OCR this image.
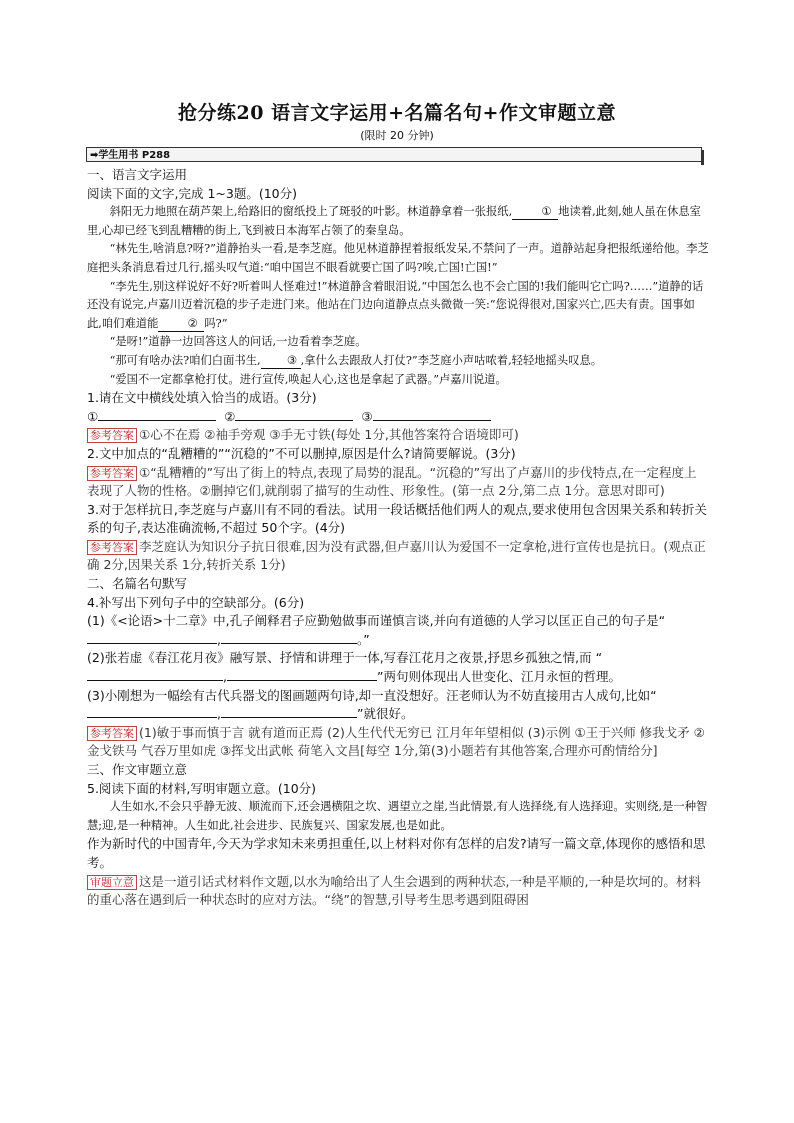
抢分练20 语言文字运用+名篇名句+作文审题立意
(限时 20 分钟)
➡学生用书 P288

一、语言文字运用

阅读下面的文字,完成 1~3题。(10分)

斜阳无力地照在葫芦架上,给路旧的窗纸投上了斑驳的叶影。林道静拿着一张报纸,	① 地读着,此刻,她人虽在休息室里,心却已经飞到乱糟糟的街上,飞到被日本海军占领了的秦皇岛。

“林先生,啥消息?呀?”道静抬头一看,是李芝庭。他见林道静捏着报纸发呆,不禁问了一声。道静站起身把报纸递给他。李芝庭把头条消息看过几行,摇头叹气道:“咱中国岂不眼看就要亡国了吗?唉,亡国!亡国!”

“李先生,别这样说好不好?听着叫人怪难过!”林道静含着眼泪说,“中国怎么也不会亡国的!我们能叫它亡吗?……”道静的话还没有说完,卢嘉川迈着沉稳的步子走进门来。他站在门边向道静点点头微微一笑:“您说得很对,国家兴亡,匹夫有责。国事如此,咱们难道能	② 吗?”

“是呀!”道静一边回答这人的问话,一边看着李芝庭。

“那可有啥办法?咱们白面书生, ③ ,拿什么去跟敌人打仗?”李芝庭小声咕哝着,轻轻地摇头叹息。

“爱国不一定都拿枪打仗。进行宣传,唤起人心,这也是拿起了武器。”卢嘉川说道。

1.请在文中横线处填入恰当的成语。(3分)

①	②	③

参考答案 ①心不在焉 ②袖手旁观 ③手无寸铁(每处 1分,其他答案符合语境即可)

2.文中加点的“乱糟糟的”“沉稳的”不可以删掉,原因是什么?请简要解说。(3分)

参考答案 ①“乱糟糟的”写出了街上的特点,表现了局势的混乱。“沉稳的”写出了卢嘉川的步伐特点,在一定程度上表现了人物的性格。②删掉它们,就削弱了描写的生动性、形象性。(第一点 2分,第二点 1分。意思对即可)

3.对于怎样抗日,李芝庭与卢嘉川有不同的看法。试用一段话概括他们两人的观点,要求使用包含因果关系和转折关系的句子,表达准确流畅,不超过 50个字。(4分)

参考答案 李芝庭认为知识分子抗日很难,因为没有武器,但卢嘉川认为爱国不一定拿枪,进行宣传也是抗日。(观点正确 2分,因果关系 1分,转折关系 1分)

二、名篇名句默写

4.补写出下列句子中的空缺部分。(6分)

(1)《<论语>十二章》中,孔子阐释君子应勤勉做事而谨慎言谈,并向有道德的人学习以匡正自己的句子是“,	。”

(2)张若虚《春江花月夜》融写景、抒情和讲理于一体,写春江花月之夜景,抒思乡孤独之情,而 “,	”两句则体现出人世变化、江月永恒的哲理。

(3)小刚想为一幅绘有古代兵器戈的图画题两句诗,却一直没想好。汪老师认为不妨直接用古人成句,比如“,	”就很好。

参考答案 (1)敏于事而慎于言 就有道而正焉 (2)人生代代无穷已 江月年年望相似 (3)示例 ①王于兴师 修我戈矛 ②金戈铁马 气吞万里如虎 ③挥戈出武帐 荷笔入文昌[每空 1分,第(3)小题若有其他答案,合理亦可酌情给分]

三、作文审题立意

5.阅读下面的材料,写明审题立意。(10分)

人生如水,不会只乎静无波、顺流而下,还会遇横阻之坎、遇望立之崖,当此情景,有人选择绕,有人选择迎。实则绕,是一种智慧;迎,是一种精神。人生如此,社会进步、民族复兴、国家发展,也是如此。

作为新时代的中国青年,今天为学求知未来勇担重任,以上材料对你有怎样的启发?请写一篇文章,体现你的感悟和思考。

审题立意 这是一道引话式材料作文题,以水为喻给出了人生会遇到的两种状态,一种是平顺的,一种是坎坷的。材料的重心落在遇到后一种状态时的应对方法。“绕”的智慧,引导考生思考遇到阻碍困
